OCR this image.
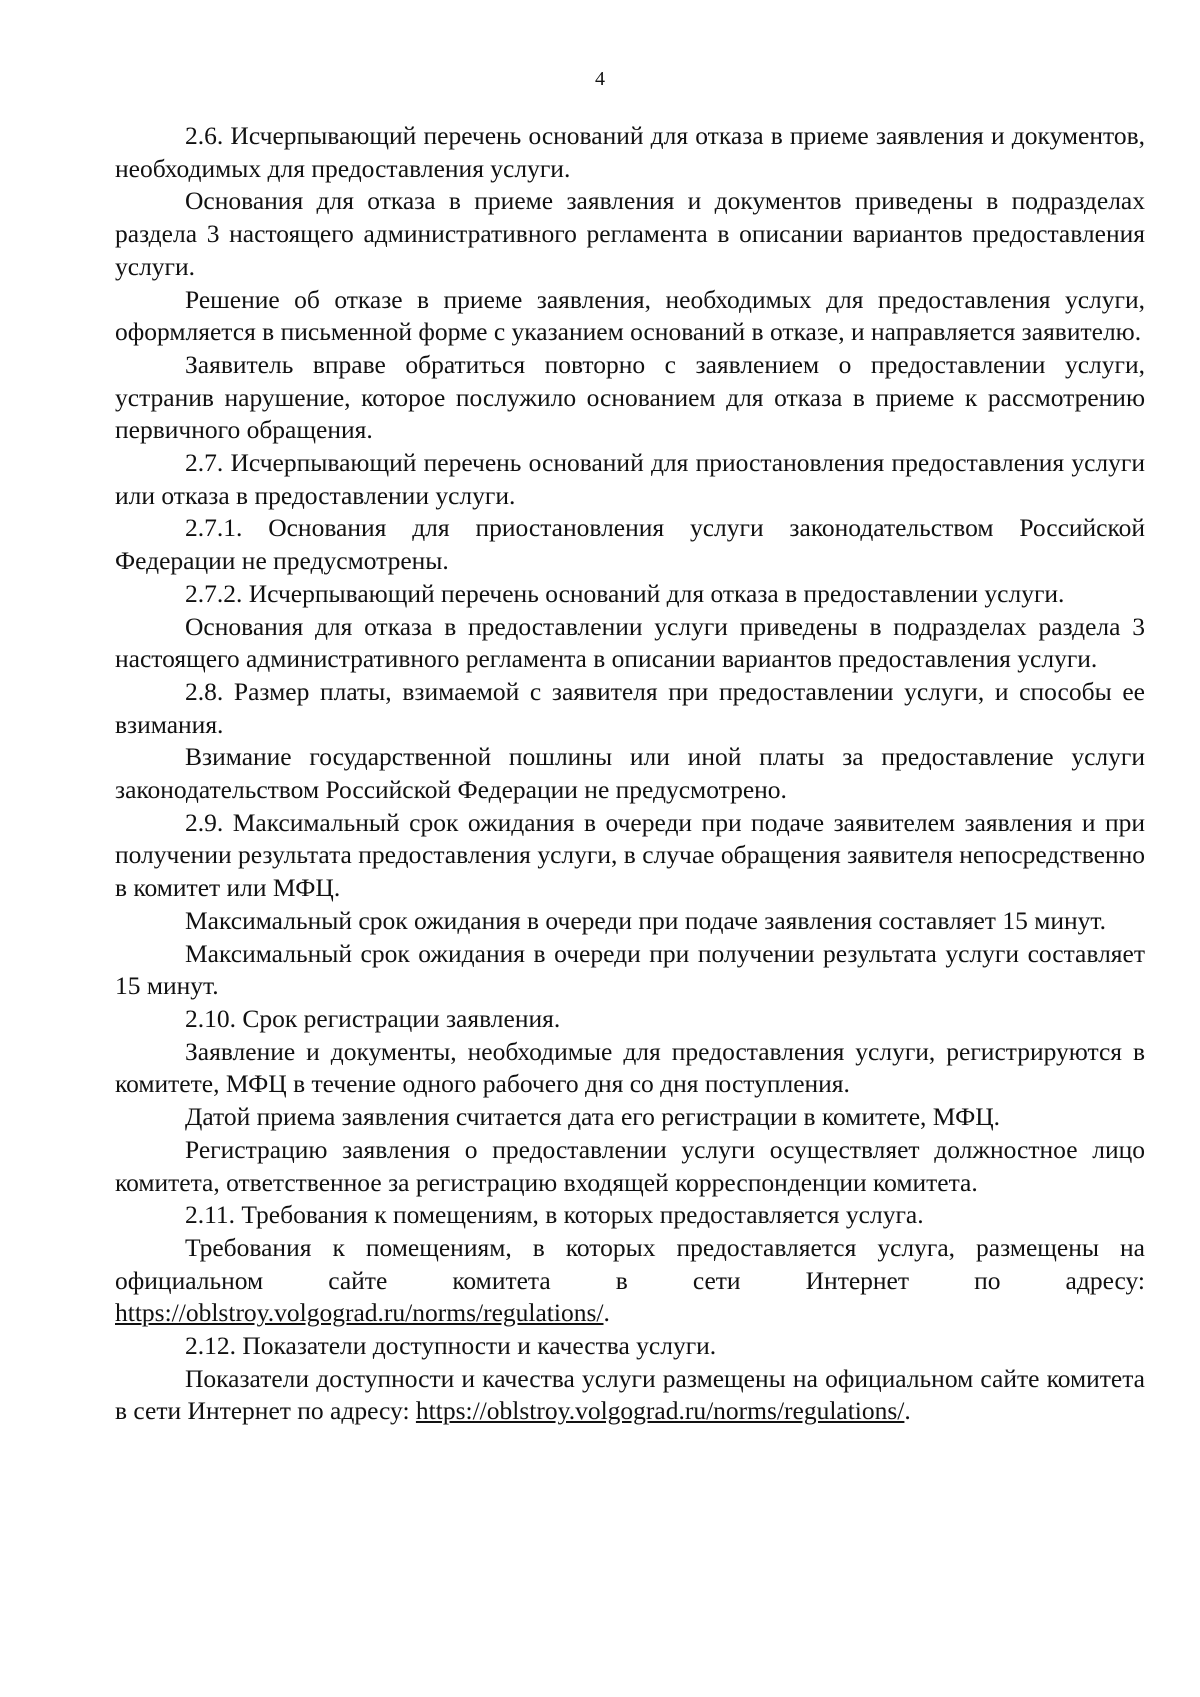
4

2.6. Исчерпывающий перечень оснований для отказа в приеме заявления и документов, необходимых для предоставления услуги.

Основания для отказа в приеме заявления и документов приведены в подразделах раздела 3 настоящего административного регламента в описании вариантов предоставления услуги.

Решение об отказе в приеме заявления, необходимых для предоставления услуги, оформляется в письменной форме с указанием оснований в отказе, и направляется заявителю.

Заявитель вправе обратиться повторно с заявлением о предоставлении услуги, устранив нарушение, которое послужило основанием для отказа в приеме к рассмотрению первичного обращения.

2.7. Исчерпывающий перечень оснований для приостановления предоставления услуги или отказа в предоставлении услуги.

2.7.1. Основания для приостановления услуги законодательством Российской Федерации не предусмотрены.

2.7.2. Исчерпывающий перечень оснований для отказа в предоставлении услуги.

Основания для отказа в предоставлении услуги приведены в подразделах раздела 3 настоящего административного регламента в описании вариантов предоставления услуги.

2.8. Размер платы, взимаемой с заявителя при предоставлении услуги, и способы ее взимания.

Взимание государственной пошлины или иной платы за предоставление услуги законодательством Российской Федерации не предусмотрено.

2.9. Максимальный срок ожидания в очереди при подаче заявителем заявления и при получении результата предоставления услуги, в случае обращения заявителя непосредственно в комитет или МФЦ.

Максимальный срок ожидания в очереди при подаче заявления составляет 15 минут.

Максимальный срок ожидания в очереди при получении результата услуги составляет 15 минут.

2.10. Срок регистрации заявления.

Заявление и документы, необходимые для предоставления услуги, регистрируются в комитете, МФЦ в течение одного рабочего дня со дня поступления.

Датой приема заявления считается дата его регистрации в комитете, МФЦ.

Регистрацию заявления о предоставлении услуги осуществляет должностное лицо комитета, ответственное за регистрацию входящей корреспонденции комитета.

2.11. Требования к помещениям, в которых предоставляется услуга.

Требования к помещениям, в которых предоставляется услуга, размещены на официальном сайте комитета в сети Интернет по адресу: https://oblstroy.volgograd.ru/norms/regulations/.

2.12. Показатели доступности и качества услуги.

Показатели доступности и качества услуги размещены на официальном сайте комитета в сети Интернет по адресу: https://oblstroy.volgograd.ru/norms/regulations/.
